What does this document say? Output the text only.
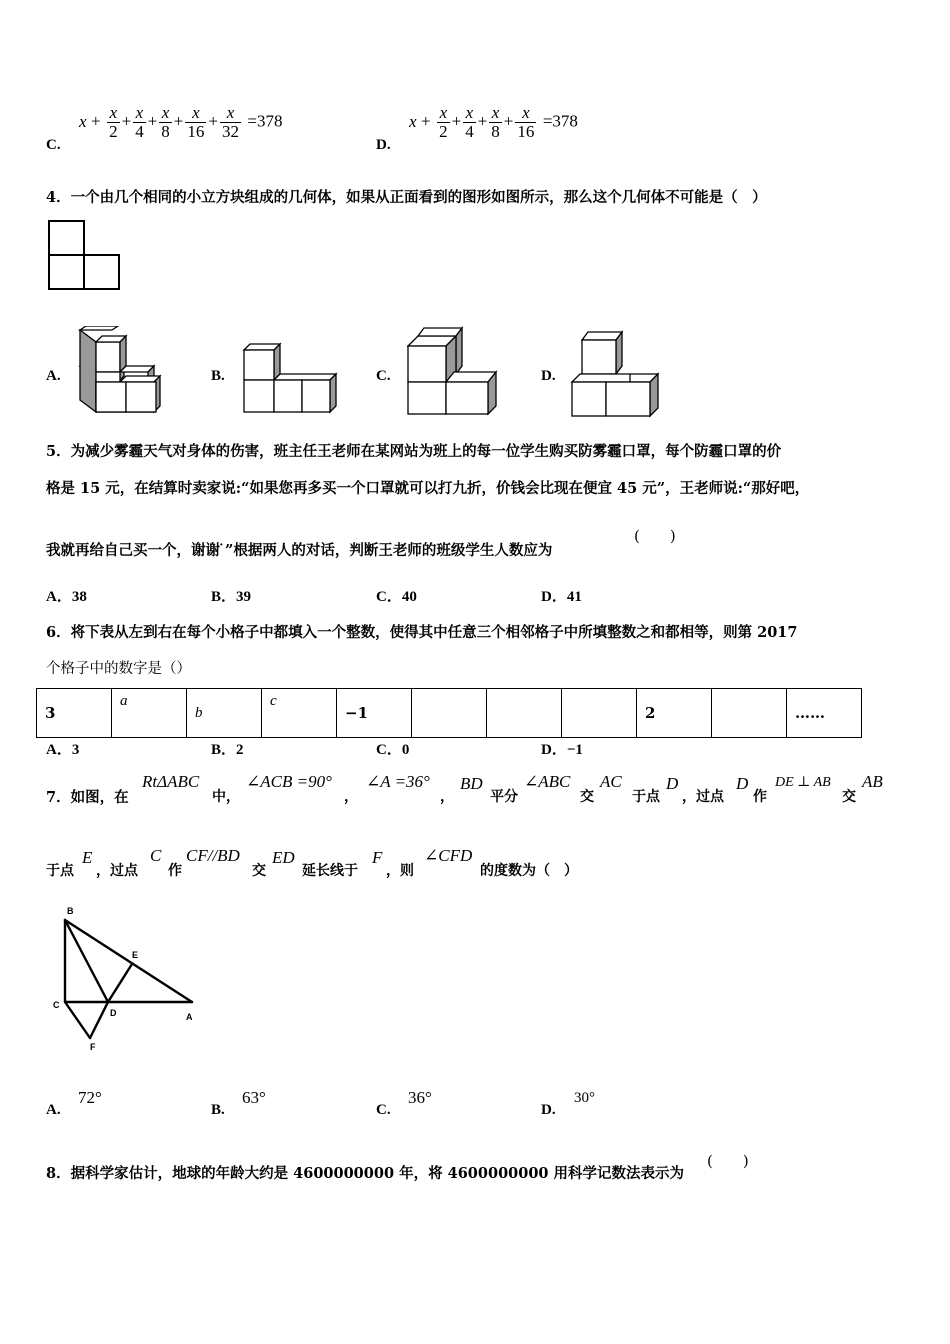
C. $x + \frac{x}{2} + \frac{x}{4} + \frac{x}{8} + \frac{x}{16} + \frac{x}{32} =378$
D. $x + \frac{x}{2} + \frac{x}{4} + \frac{x}{8} + \frac{x}{16} =378$
4．一个由几个相同的小立方块组成的几何体，如果从正面看到的图形如图所示，那么这个几何体不可能是（　）
A.	B.	C.	D.
5．为减少雾霾天气对身体的伤害，班主任王老师在某网站为班上的每一位学生购买防雾霾口罩，每个防霾口罩的价
格是 15 元，在结算时卖家说:“如果您再多买一个口罩就可以打九折，价钱会比现在便宜 45 元”，王老师说:“那好吧，
我就再给自己买一个，谢谢 ̇”根据两人的对话，判断王老师的班级学生人数应为
(　　)
A．38	B．39	C．40	D．41
6．将下表从左到右在每个小格子中都填入一个整数，使得其中任意三个相邻格子中所填整数之和都相等，则第 2017
个格子中的数字是（）
3	a	b	c	−1				2		……
A．3	B．2	C．0	D．−1
7．如图，在
RtΔABC
中，
∠ACB =90°
，
∠A =36°
，
BD
平分
∠ABC
交
AC
于点
D
，过点
D
作
DE ⊥ AB
交
AB
于点
E
，过点
C
作
CF//BD
交
ED
延长线于
F
，则
∠CFD
的度数为（　）
B
E
C
D	A
F
A.
72°
B.
63°
C.
36°
D.
30°
8．据科学家估计，地球的年龄大约是 4600000000 年，将 4600000000 用科学记数法表示为
(　　)
